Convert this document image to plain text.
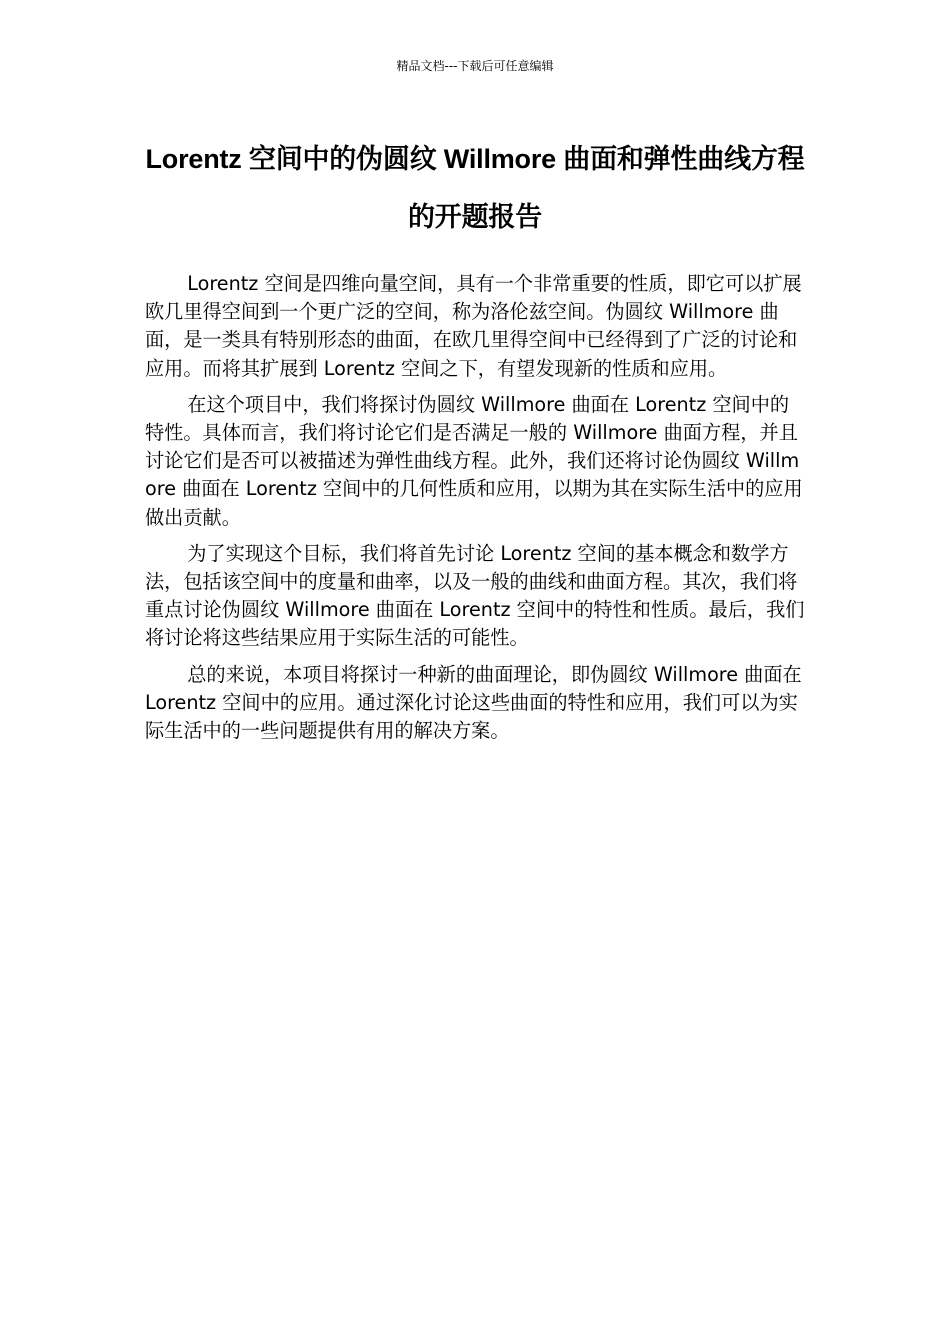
精品文档---下载后可任意编辑
Lorentz 空间中的伪圆纹 Willmore 曲面和弹性曲线方程的开题报告

Lorentz 空间是四维向量空间，具有一个非常重要的性质，即它可以扩展欧几里得空间到一个更广泛的空间，称为洛伦兹空间。伪圆纹 Willmore 曲面，是一类具有特别形态的曲面，在欧几里得空间中已经得到了广泛的讨论和应用。而将其扩展到 Lorentz 空间之下，有望发现新的性质和应用。

在这个项目中，我们将探讨伪圆纹 Willmore 曲面在 Lorentz 空间中的特性。具体而言，我们将讨论它们是否满足一般的 Willmore 曲面方程，并且讨论它们是否可以被描述为弹性曲线方程。此外，我们还将讨论伪圆纹 Willmore 曲面在 Lorentz 空间中的几何性质和应用，以期为其在实际生活中的应用做出贡献。

为了实现这个目标，我们将首先讨论 Lorentz 空间的基本概念和数学方法，包括该空间中的度量和曲率，以及一般的曲线和曲面方程。其次，我们将重点讨论伪圆纹 Willmore 曲面在 Lorentz 空间中的特性和性质。最后，我们将讨论将这些结果应用于实际生活的可能性。

总的来说，本项目将探讨一种新的曲面理论，即伪圆纹 Willmore 曲面在 Lorentz 空间中的应用。通过深化讨论这些曲面的特性和应用，我们可以为实际生活中的一些问题提供有用的解决方案。
